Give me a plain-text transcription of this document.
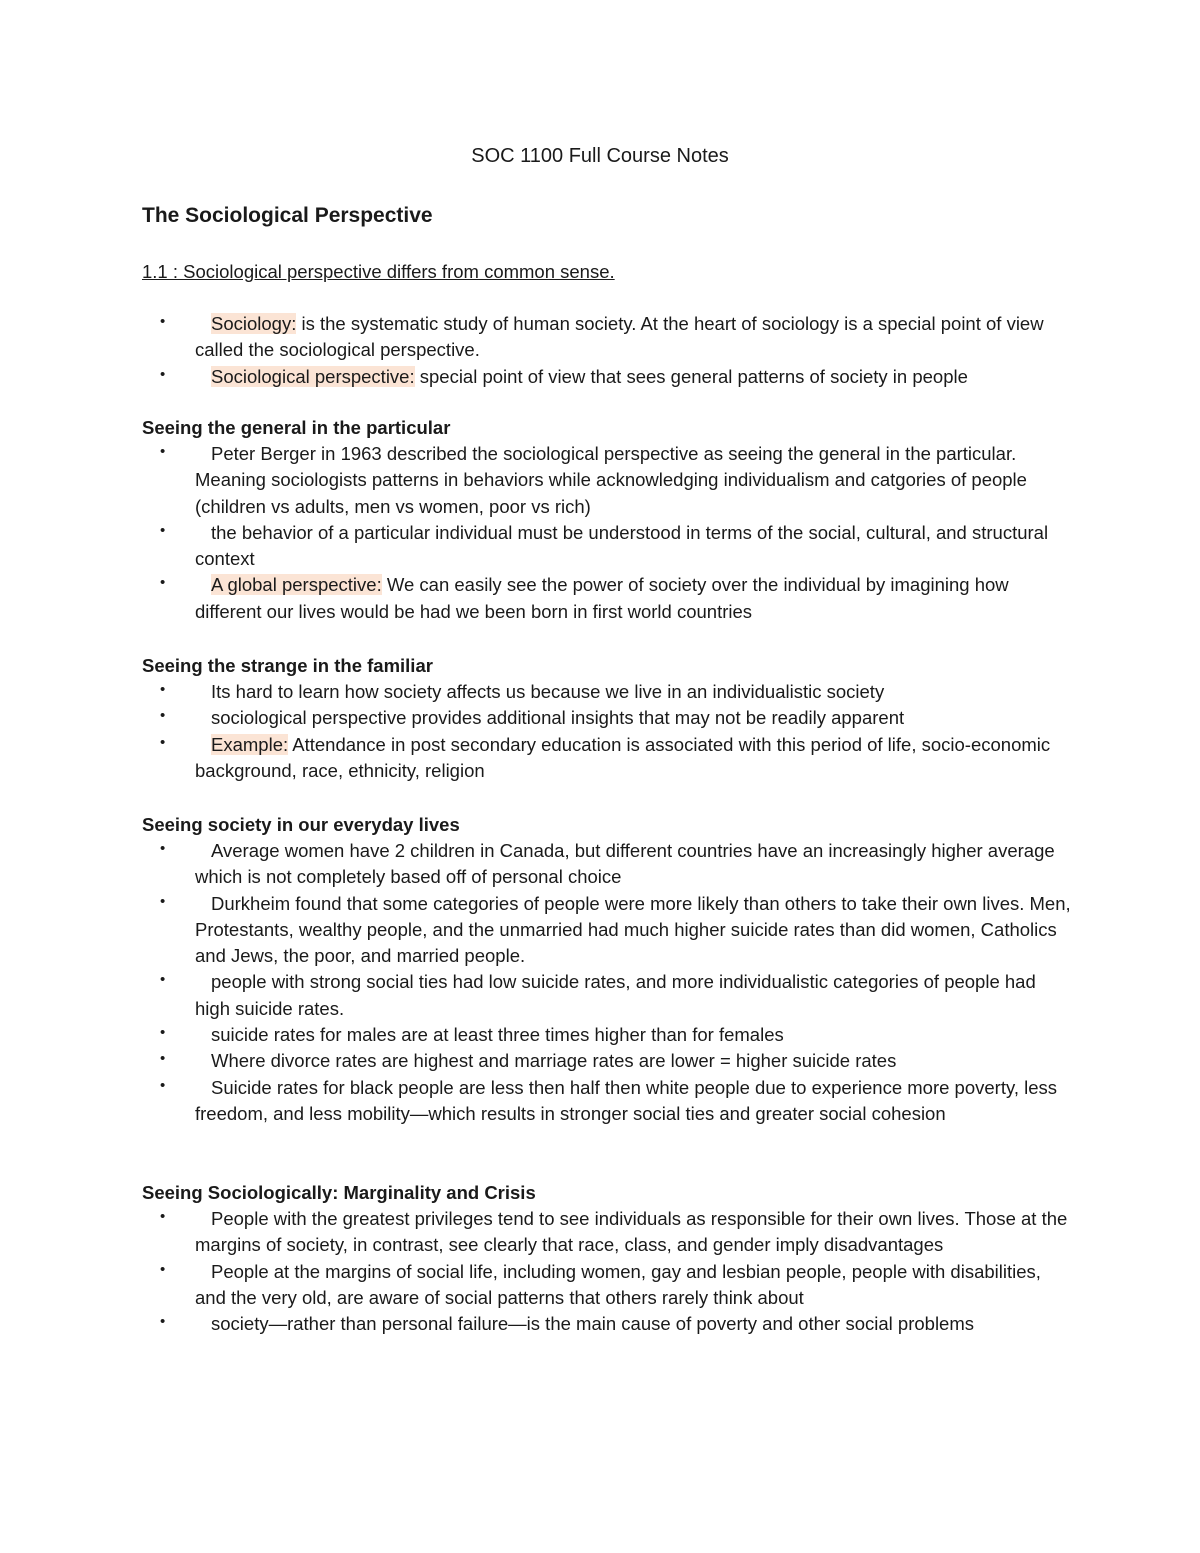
SOC 1100 Full Course Notes
The Sociological Perspective
1.1 : Sociological perspective differs from common sense.
• Sociology: is the systematic study of human society. At the heart of sociology is a special point of view called the sociological perspective.
• Sociological perspective: special point of view that sees general patterns of society in people
Seeing the general in the particular
• Peter Berger in 1963 described the sociological perspective as seeing the general in the particular. Meaning sociologists patterns in behaviors while acknowledging individualism and catgories of people (children vs adults, men vs women, poor vs rich)
• the behavior of a particular individual must be understood in terms of the social, cultural, and structural context
• A global perspective: We can easily see the power of society over the individual by imagining how different our lives would be had we been born in first world countries
Seeing the strange in the familiar
• Its hard to learn how society affects us because we live in an individualistic society
• sociological perspective provides additional insights that may not be readily apparent
• Example: Attendance in post secondary education is associated with this period of life, socio-economic background, race, ethnicity, religion
Seeing society in our everyday lives
• Average women have 2 children in Canada, but different countries have an increasingly higher average which is not completely based off of personal choice
• Durkheim found that some categories of people were more likely than others to take their own lives. Men, Protestants, wealthy people, and the unmarried had much higher suicide rates than did women, Catholics and Jews, the poor, and married people.
• people with strong social ties had low suicide rates, and more individualistic categories of people had high suicide rates.
• suicide rates for males are at least three times higher than for females
• Where divorce rates are highest and marriage rates are lower = higher suicide rates
• Suicide rates for black people are less then half then white people due to experience more poverty, less freedom, and less mobility—which results in stronger social ties and greater social cohesion
Seeing Sociologically: Marginality and Crisis
• People with the greatest privileges tend to see individuals as responsible for their own lives. Those at the margins of society, in contrast, see clearly that race, class, and gender imply disadvantages
• People at the margins of social life, including women, gay and lesbian people, people with disabilities, and the very old, are aware of social patterns that others rarely think about
• society—rather than personal failure—is the main cause of poverty and other social problems
